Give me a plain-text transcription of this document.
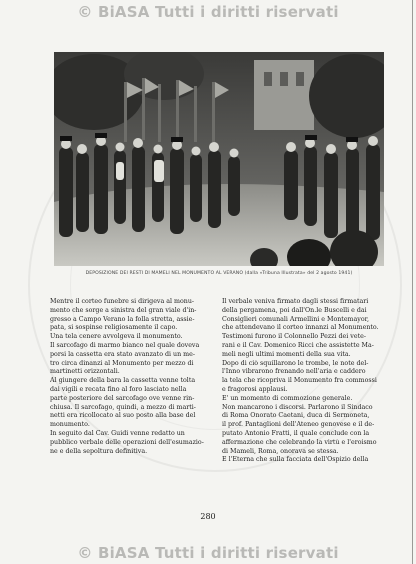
© BiASA Tutti i diritti riservati
DEPOSIZIONE DEI RESTI DI MAMELI NEL MONUMENTO AL VERANO (dalla «Tribuna Illustrata» del 2 agosto 1941)
Mentre il corteo funebre si dirigeva al monu-
mento che sorge a sinistra del gran viale d'in-
gresso a Campo Verano la folla stretta, assie-
pata, si sospinse religiosamente il capo.
Una tela cenere avvolgeva il monumento.
Il sarcofago di marmo bianco nel quale doveva
porsi la cassetta era stato avanzato di un me-
tro circa dinanzi al Monumento per mezzo di
martinetti orizzontali.
Al giungere della bara la cassetta venne tolta
dai vigili e recata fino al foro lasciato nella
parte posteriore del sarcofago ove venne rin-
chiusa. Il sarcofago, quindi, a mezzo di marti-
netti era ricollocato al suo posto alla base del
monumento.
In seguito dal Cav. Guidi venne redatto un
pubblico verbale delle operazioni dell'esumazio-
ne e della sepoltura definitiva.
Il verbale veniva firmato dagli stessi firmatari
della pergamena, poi dall'On.le Buscelli e dai
Consiglieri comunali Armellini e Montemayor,
che attendevano il corteo innanzi al Monumento.
Testimoni furono il Colonnello Pezzi dei vete-
rani e il Cav. Domenico Ricci che assistette Ma-
meli negli ultimi momenti della sua vita.
Dopo di ciò squillarono le trombe, le note del-
l'Inno vibrarono frenando nell'aria e caddero
la tela che ricopriva il Monumento fra commossi
e fragorosi applausi.
E' un momento di commozione generale.
Non mancarono i discorsi. Parlarono il Sindaco
di Roma Onorato Caetani, duca di Sermoneta,
il prof. Pantaglioni dell'Ateneo genovese e il de-
putato Antonio Fratti, il quale conclude con la
affermazione che celebrando la virtù e l'eroismo
di Mameli, Roma, onorava se stessa.
E l'Eterna che sulla facciata dell'Ospizio della
280
© BiASA Tutti i diritti riservati
